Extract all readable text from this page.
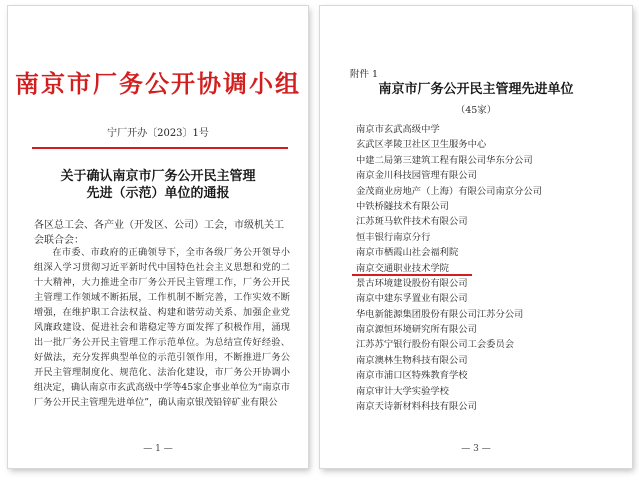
南京市厂务公开协调小组
宁厂开办〔2023〕1号
关于确认南京市厂务公开民主管理
先进（示范）单位的通报
各区总工会、各产业（开发区、公司）工会，市级机关工会联合会：
在市委、市政府的正确领导下，全市各级厂务公开领导小组深入学习贯彻习近平新时代中国特色社会主义思想和党的二十大精神，大力推进全市厂务公开民主管理工作，厂务公开民主管理工作领域不断拓展，工作机制不断完善，工作实效不断增强，在维护职工合法权益、构建和谐劳动关系、加强企业党风廉政建设、促进社会和谐稳定等方面发挥了积极作用，涌现出一批厂务公开民主管理工作示范单位。为总结宣传好经验、好做法，充分发挥典型单位的示范引领作用，不断推进厂务公开民主管理制度化、规范化、法治化建设，市厂务公开协调小组决定，确认南京市玄武高级中学等45家企事业单位为“南京市厂务公开民主管理先进单位”，确认南京银茂铅锌矿业有限公
— 1 —
附件 1
南京市厂务公开民主管理先进单位
（45家）
南京市玄武高级中学
玄武区孝陵卫社区卫生服务中心
中建二局第三建筑工程有限公司华东分公司
南京金川科技园管理有限公司
金茂商业房地产（上海）有限公司南京分公司
中铁桥隧技术有限公司
江苏斑马软件技术有限公司
恒丰银行南京分行
南京市栖霞山社会福利院
南京交通职业技术学院
景古环境建设股份有限公司
南京中建东孚置业有限公司
华电新能源集团股份有限公司江苏分公司
南京源恒环境研究所有限公司
江苏苏宁银行股份有限公司工会委员会
南京澳林生物科技有限公司
南京市浦口区特殊教育学校
南京审计大学实验学校
南京天诗新材料科技有限公司
— 3 —
